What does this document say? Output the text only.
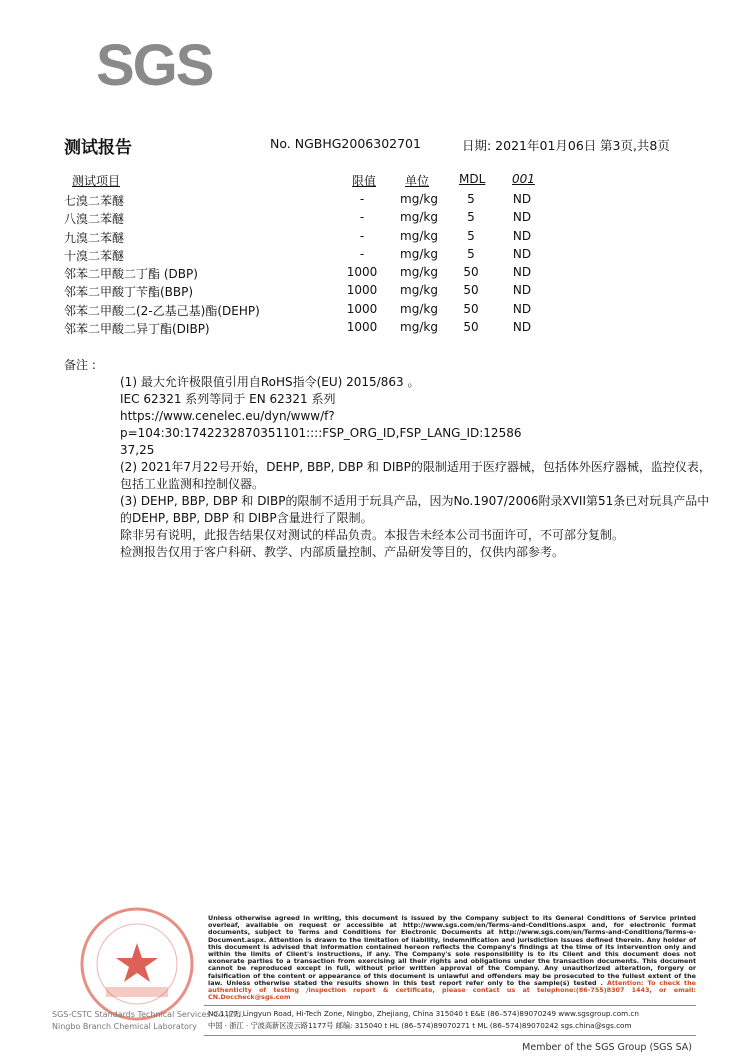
SGS
测试报告	No. NGBHG2006302701	日期: 2021年01月06日 第3页,共8页
测试项目	限值 单位 MDL 001
七溴二苯醚	-	mg/kg	5	ND
八溴二苯醚	-	mg/kg	5	ND
九溴二苯醚	-	mg/kg	5	ND
十溴二苯醚	-	mg/kg	5	ND
邻苯二甲酸二丁酯 (DBP)	1000	mg/kg	50	ND
邻苯二甲酸丁苄酯(BBP)	1000	mg/kg	50	ND
邻苯二甲酸二(2-乙基己基)酯(DEHP)	1000	mg/kg	50	ND
邻苯二甲酸二异丁酯(DIBP)	1000	mg/kg	50	ND
备注 :

(1) 最大允许极限值引用自RoHS指令(EU) 2015/863 。

IEC 62321 系列等同于 EN 62321 系列

https://www.cenelec.eu/dyn/www/f?p=104:30:1742232870351101::::FSP_ORG_ID,FSP_LANG_ID:12586

37,25

(2) 2021年7月22号开始，DEHP, BBP, DBP 和 DIBP的限制适用于医疗器械，包括体外医疗器械，监控仪表，包括工业监测和控制仪器。

(3) DEHP, BBP, DBP 和 DIBP的限制不适用于玩具产品，因为No.1907/2006附录XVII第51条已对玩具产品中的DEHP, BBP, DBP 和 DIBP含量进行了限制。

除非另有说明，此报告结果仅对测试的样品负责。本报告未经本公司书面许可，不可部分复制。

检测报告仅用于客户科研、教学、内部质量控制、产品研发等目的，仅供内部参考。

SGS-CSTC Standards Technical Services Co.,Ltd.
Ningbo Branch Chemical Laboratory
Unless otherwise agreed in writing, this document is issued by the Company subject to its General Conditions of Service printed overleaf, available on request or accessible at http://www.sgs.com/en/Terms-and-Conditions.aspx and, for electronic format documents, subject to Terms and Conditions for Electronic Documents at http://www.sgs.com/en/Terms-and-Conditions/Terms-e-Document.aspx. Attention is drawn to the limitation of liability, indemnification and jurisdiction issues defined therein. Any holder of this document is advised that information contained hereon reflects the Company's findings at the time of its intervention only and within the limits of Client's instructions, if any. The Company's sole responsibility is to its Client and this document does not exonerate parties to a transaction from exercising all their rights and obligations under the transaction documents. This document cannot be reproduced except in full, without prior written approval of the Company. Any unauthorized alteration, forgery or falsification of the content or appearance of this document is unlawful and offenders may be prosecuted to the fullest extent of the law. Unless otherwise stated the results shown in this test report refer only to the sample(s) tested . Attention: To check the authenticity of testing /inspection report & certificate, please contact us at telephone:(86-755)8307 1443, or email: CN.Doccheck@sgs.com
No.1177, Lingyun Road, Hi-Tech Zone, Ningbo, Zhejiang, China 315040 t E&E (86–574)89070249 www.sgsgroup.com.cn
中国 · 浙江 · 宁波高新区凌云路1177号 邮编: 315040 t HL (86–574)89070271 t ML (86–574)89070242 sgs.china@sgs.com
Member of the SGS Group (SGS SA)
